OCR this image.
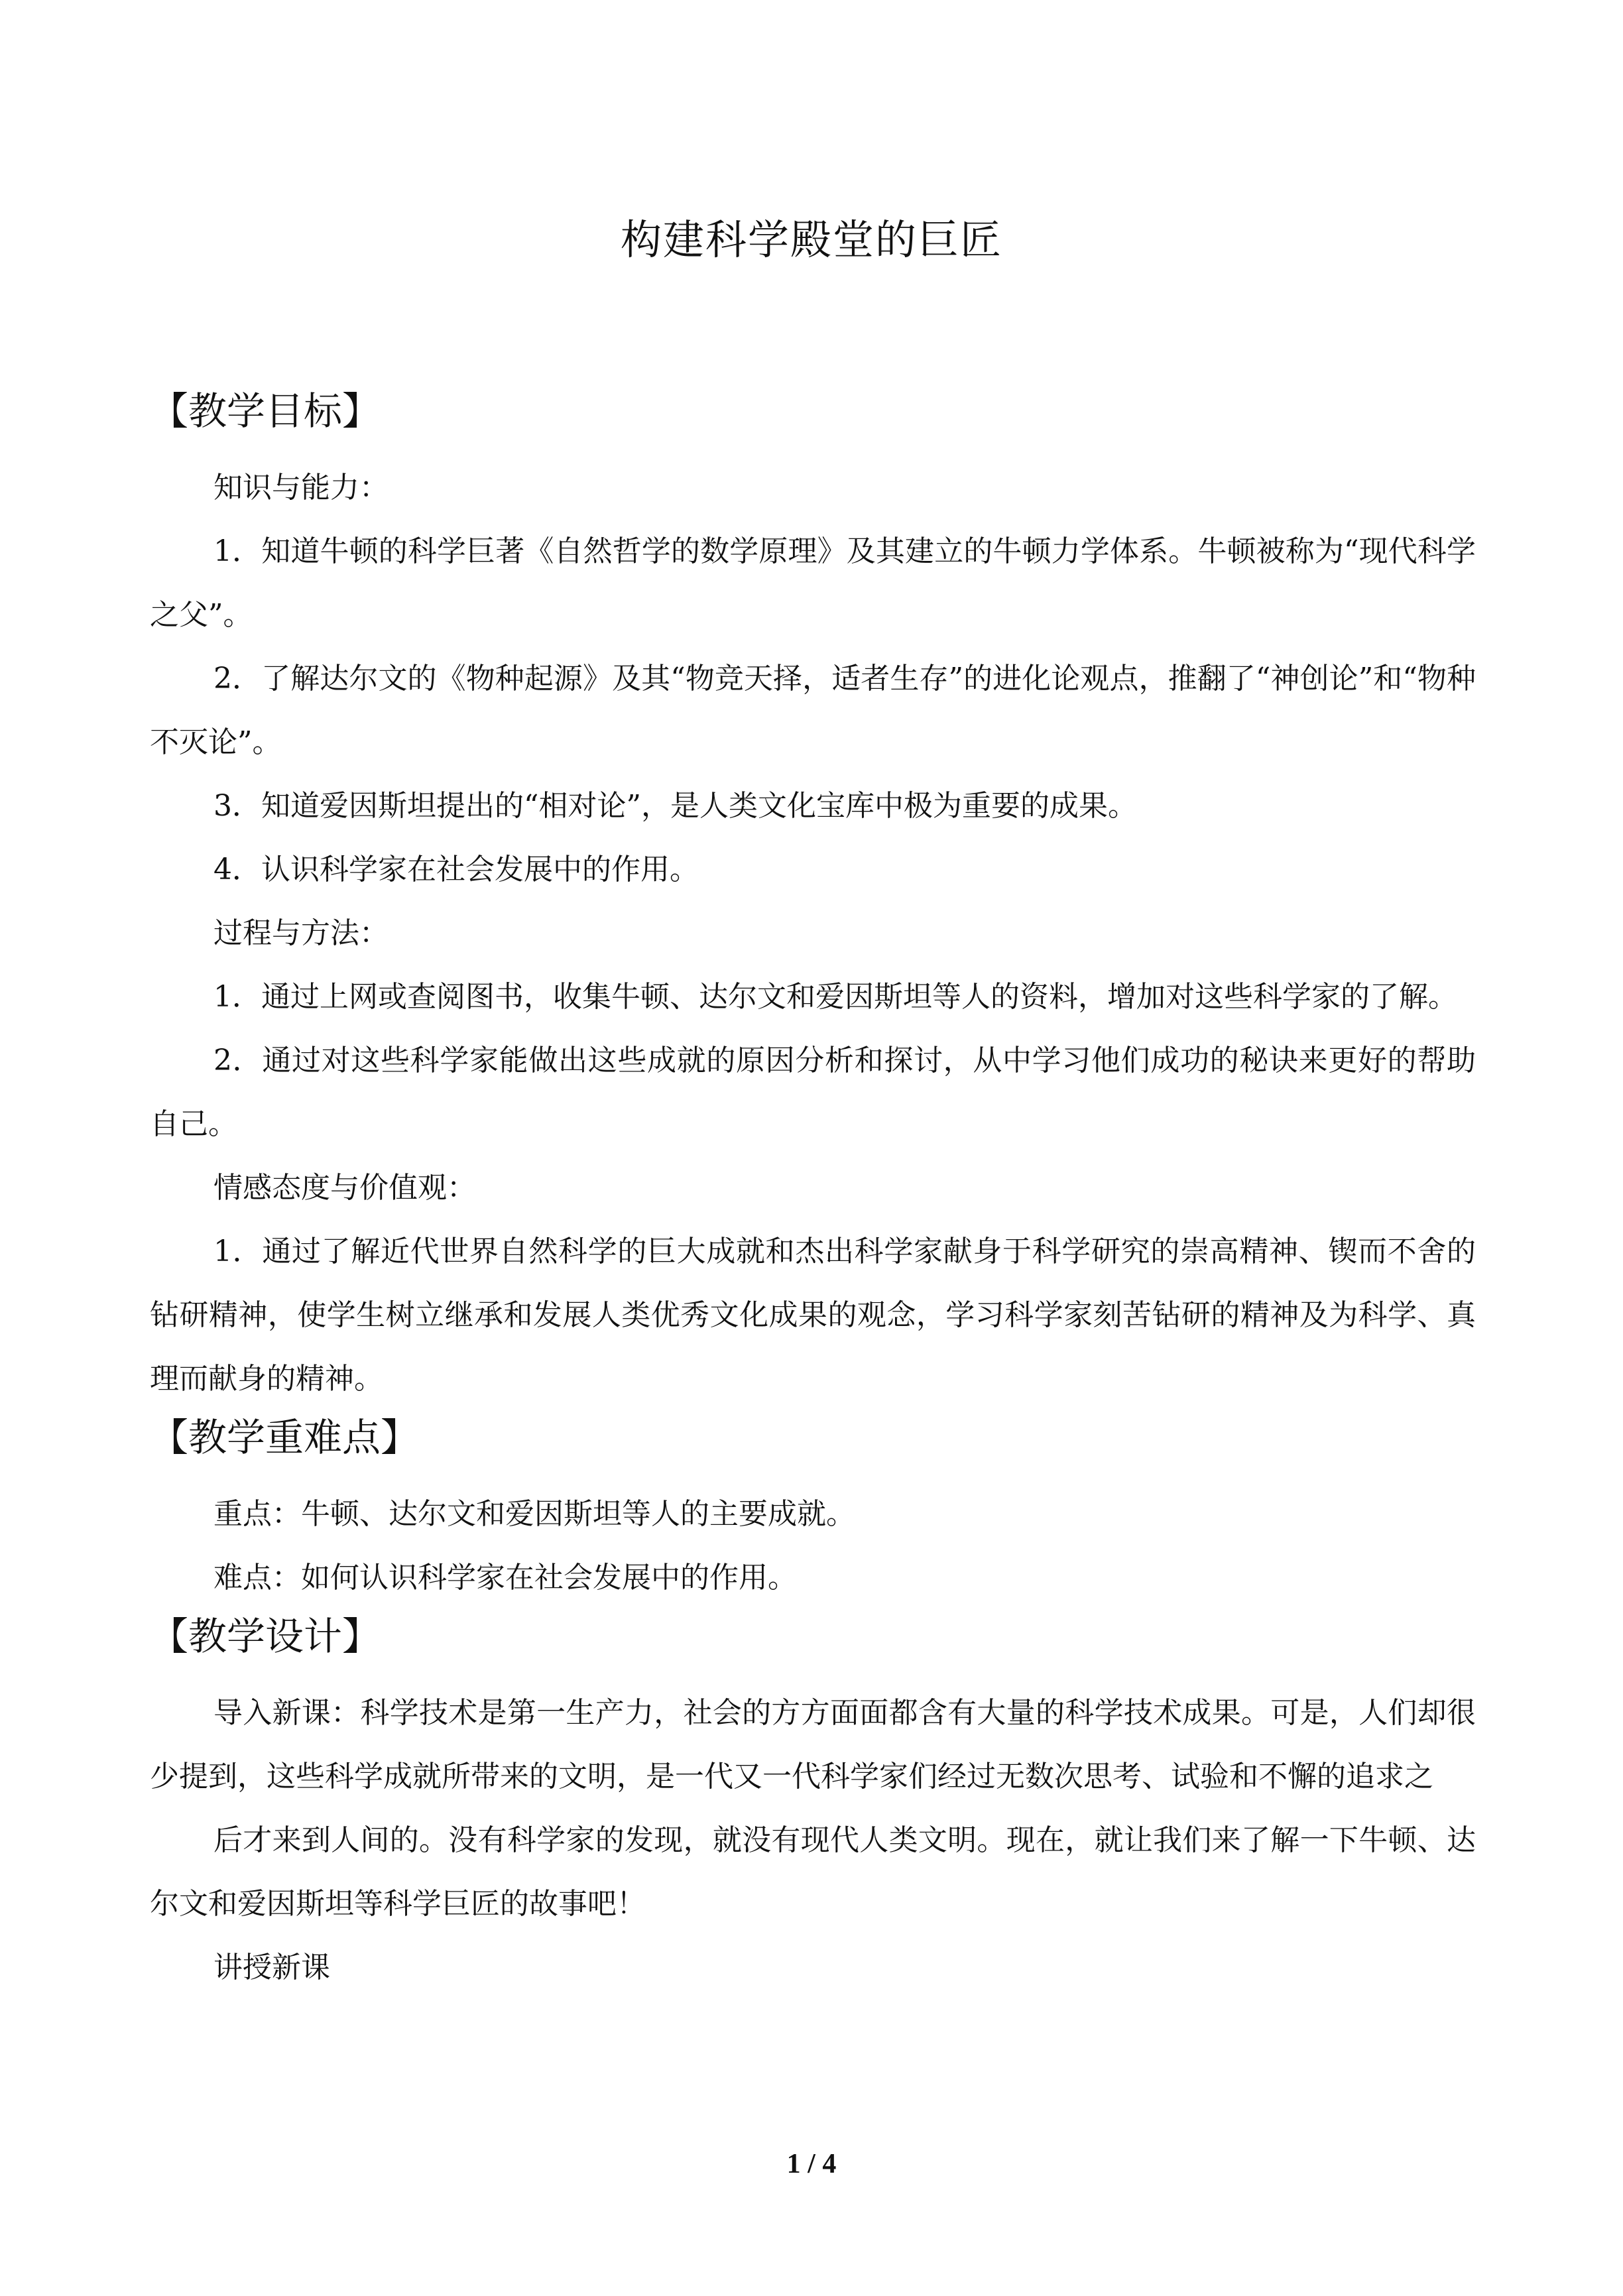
构建科学殿堂的巨匠
【教学目标】

知识与能力：

1．知道牛顿的科学巨著《自然哲学的数学原理》及其建立的牛顿力学体系。牛顿被称为“现代科学之父”。

2．了解达尔文的《物种起源》及其“物竞天择，适者生存”的进化论观点，推翻了“神创论”和“物种不灭论”。

3．知道爱因斯坦提出的“相对论”，是人类文化宝库中极为重要的成果。

4．认识科学家在社会发展中的作用。

过程与方法：

1．通过上网或查阅图书，收集牛顿、达尔文和爱因斯坦等人的资料，增加对这些科学家的了解。

2．通过对这些科学家能做出这些成就的原因分析和探讨，从中学习他们成功的秘诀来更好的帮助自己。

情感态度与价值观：

1．通过了解近代世界自然科学的巨大成就和杰出科学家献身于科学研究的崇高精神、锲而不舍的钻研精神，使学生树立继承和发展人类优秀文化成果的观念，学习科学家刻苦钻研的精神及为科学、真理而献身的精神。

【教学重难点】

重点：牛顿、达尔文和爱因斯坦等人的主要成就。

难点：如何认识科学家在社会发展中的作用。

【教学设计】

导入新课：科学技术是第一生产力，社会的方方面面都含有大量的科学技术成果。可是，人们却很少提到，这些科学成就所带来的文明，是一代又一代科学家们经过无数次思考、试验和不懈的追求之

后才来到人间的。没有科学家的发现，就没有现代人类文明。现在，就让我们来了解一下牛顿、达尔文和爱因斯坦等科学巨匠的故事吧！

讲授新课

1 / 4
